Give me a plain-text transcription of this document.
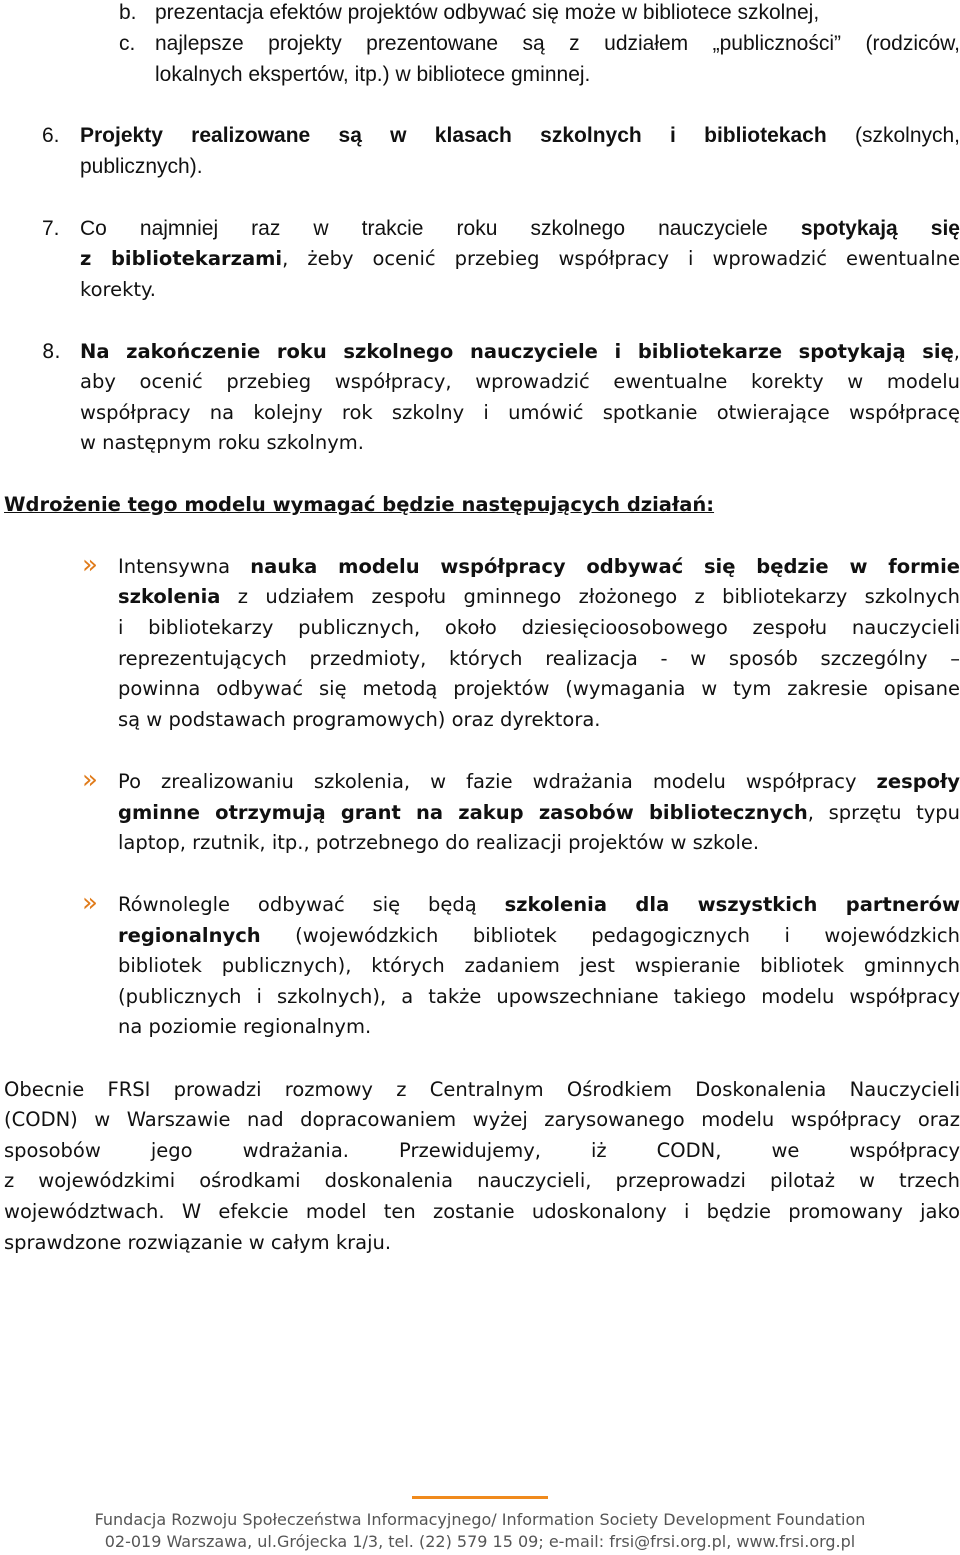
b. prezentacja efektów projektów odbywać się może w bibliotece szkolnej,
c. najlepsze projekty prezentowane są z udziałem „publiczności” (rodziców,
lokalnych ekspertów, itp.) w bibliotece gminnej.
6. Projekty realizowane są w klasach szkolnych i bibliotekach (szkolnych,
publicznych).
7. Co najmniej raz w trakcie roku szkolnego nauczyciele spotykają się
z bibliotekarzami, żeby ocenić przebieg współpracy i wprowadzić ewentualne
korekty.
8. Na zakończenie roku szkolnego nauczyciele i bibliotekarze spotykają się,
aby ocenić przebieg współpracy, wprowadzić ewentualne korekty w modelu
współpracy na kolejny rok szkolny i umówić spotkanie otwierające współpracę
w następnym roku szkolnym.
Wdrożenie tego modelu wymagać będzie następujących działań:
» Intensywna nauka modelu współpracy odbywać się będzie w formie
szkolenia z udziałem zespołu gminnego złożonego z bibliotekarzy szkolnych
i bibliotekarzy publicznych, około dziesięcioosobowego zespołu nauczycieli
reprezentujących przedmioty, których realizacja - w sposób szczególny –
powinna odbywać się metodą projektów (wymagania w tym zakresie opisane
są w podstawach programowych) oraz dyrektora.
» Po zrealizowaniu szkolenia, w fazie wdrażania modelu współpracy zespoły
gminne otrzymują grant na zakup zasobów bibliotecznych, sprzętu typu
laptop, rzutnik, itp., potrzebnego do realizacji projektów w szkole.
» Równolegle odbywać się będą szkolenia dla wszystkich partnerów
regionalnych (wojewódzkich bibliotek pedagogicznych i wojewódzkich
bibliotek publicznych), których zadaniem jest wspieranie bibliotek gminnych
(publicznych i szkolnych), a także upowszechniane takiego modelu współpracy
na poziomie regionalnym.
Obecnie FRSI prowadzi rozmowy z Centralnym Ośrodkiem Doskonalenia Nauczycieli
(CODN) w Warszawie nad dopracowaniem wyżej zarysowanego modelu współpracy oraz
sposobów jego wdrażania. Przewidujemy, iż CODN, we współpracy
z wojewódzkimi ośrodkami doskonalenia nauczycieli, przeprowadzi pilotaż w trzech
województwach. W efekcie model ten zostanie udoskonalony i będzie promowany jako
sprawdzone rozwiązanie w całym kraju.
Fundacja Rozwoju Społeczeństwa Informacyjnego/ Information Society Development Foundation
02-019 Warszawa, ul.Grójecka 1/3, tel. (22) 579 15 09; e-mail: frsi@frsi.org.pl, www.frsi.org.pl
